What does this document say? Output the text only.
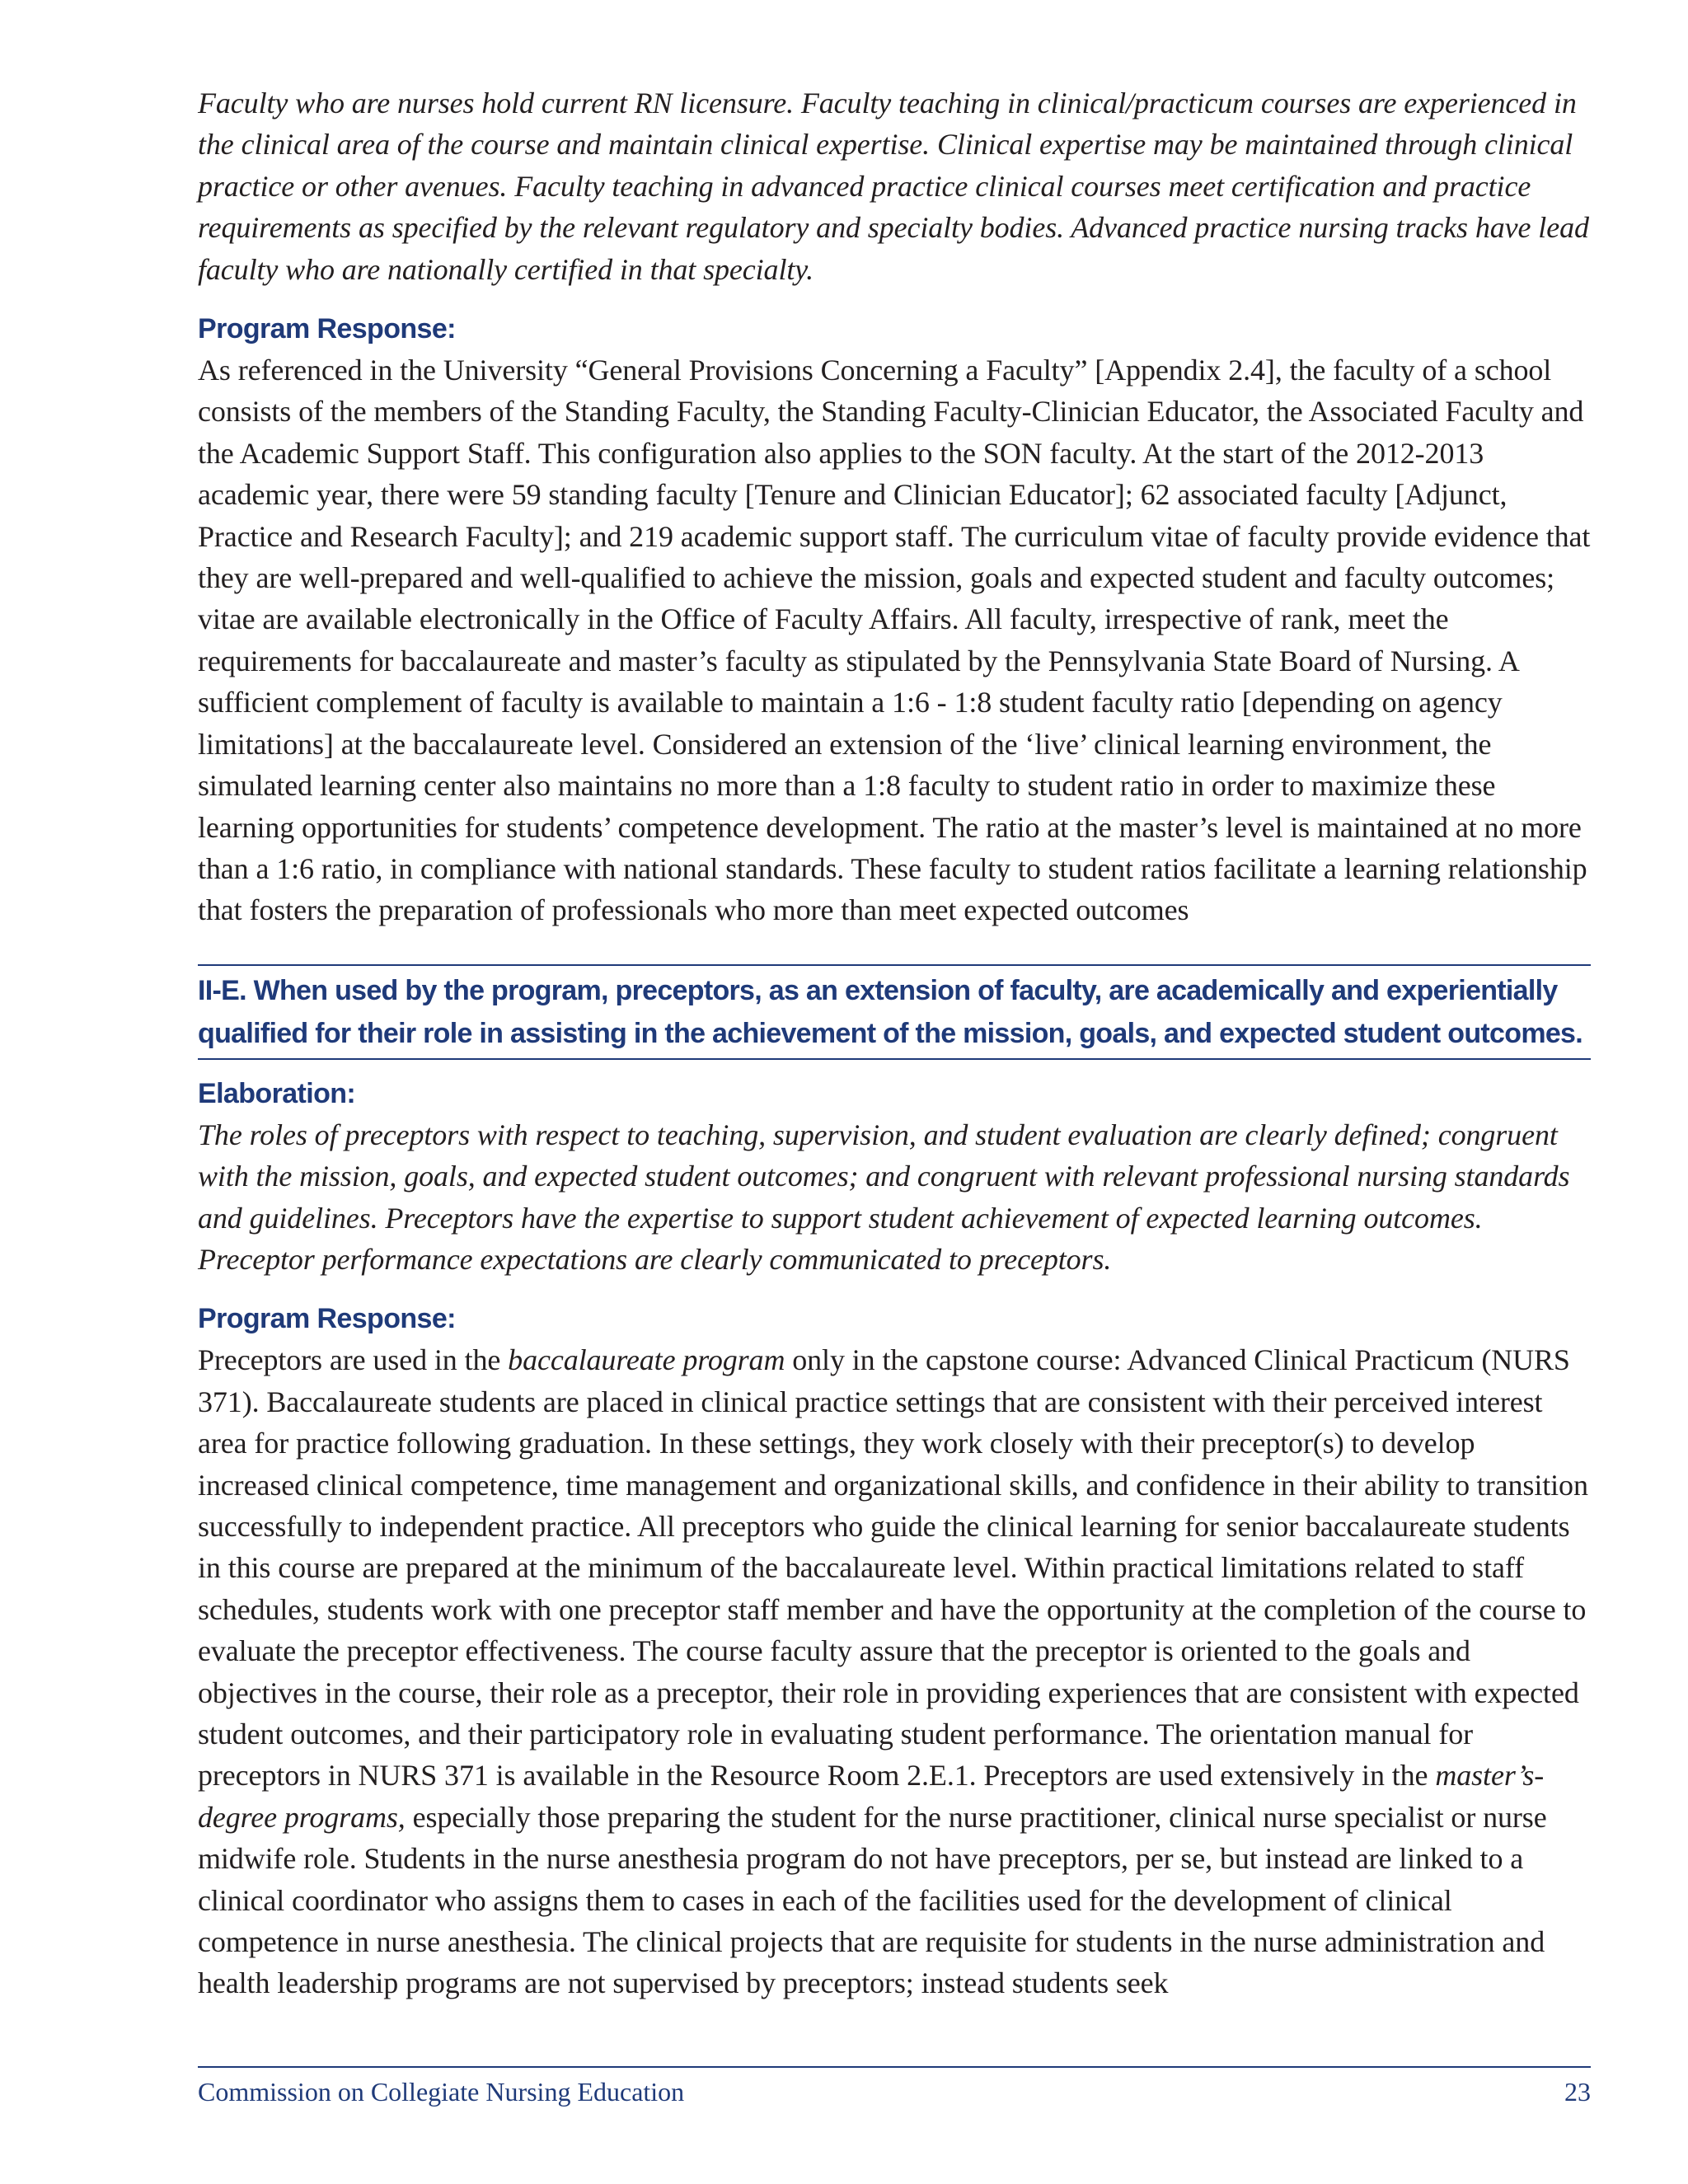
Faculty who are nurses hold current RN licensure. Faculty teaching in clinical/practicum courses are experienced in the clinical area of the course and maintain clinical expertise. Clinical expertise may be maintained through clinical practice or other avenues. Faculty teaching in advanced practice clinical courses meet certification and practice requirements as specified by the relevant regulatory and specialty bodies. Advanced practice nursing tracks have lead faculty who are nationally certified in that specialty.

Program Response:

As referenced in the University “General Provisions Concerning a Faculty” [Appendix 2.4], the faculty of a school consists of the members of the Standing Faculty, the Standing Faculty-Clinician Educator, the Associated Faculty and the Academic Support Staff. This configuration also applies to the SON faculty. At the start of the 2012-2013 academic year, there were 59 standing faculty [Tenure and Clinician Educator]; 62 associated faculty [Adjunct, Practice and Research Faculty]; and 219 academic support staff. The curriculum vitae of faculty provide evidence that they are well-prepared and well-qualified to achieve the mission, goals and expected student and faculty outcomes; vitae are available electronically in the Office of Faculty Affairs. All faculty, irrespective of rank, meet the requirements for baccalaureate and master’s faculty as stipulated by the Pennsylvania State Board of Nursing. A sufficient complement of faculty is available to maintain a 1:6 - 1:8 student faculty ratio [depending on agency limitations] at the baccalaureate level. Considered an extension of the ‘live’ clinical learning environment, the simulated learning center also maintains no more than a 1:8 faculty to student ratio in order to maximize these learning opportunities for students’ competence development. The ratio at the master’s level is maintained at no more than a 1:6 ratio, in compliance with national standards. These faculty to student ratios facilitate a learning relationship that fosters the preparation of professionals who more than meet expected outcomes

II-E. When used by the program, preceptors, as an extension of faculty, are academically and experientially qualified for their role in assisting in the achievement of the mission, goals, and expected student outcomes.

Elaboration:

The roles of preceptors with respect to teaching, supervision, and student evaluation are clearly defined; congruent with the mission, goals, and expected student outcomes; and congruent with relevant professional nursing standards and guidelines. Preceptors have the expertise to support student achievement of expected learning outcomes. Preceptor performance expectations are clearly communicated to preceptors.

Program Response:

Preceptors are used in the baccalaureate program only in the capstone course: Advanced Clinical Practicum (NURS 371). Baccalaureate students are placed in clinical practice settings that are consistent with their perceived interest area for practice following graduation. In these settings, they work closely with their preceptor(s) to develop increased clinical competence, time management and organizational skills, and confidence in their ability to transition successfully to independent practice. All preceptors who guide the clinical learning for senior baccalaureate students in this course are prepared at the minimum of the baccalaureate level. Within practical limitations related to staff schedules, students work with one preceptor staff member and have the opportunity at the completion of the course to evaluate the preceptor effectiveness. The course faculty assure that the preceptor is oriented to the goals and objectives in the course, their role as a preceptor, their role in providing experiences that are consistent with expected student outcomes, and their participatory role in evaluating student performance. The orientation manual for preceptors in NURS 371 is available in the Resource Room 2.E.1. Preceptors are used extensively in the master’s-degree programs, especially those preparing the student for the nurse practitioner, clinical nurse specialist or nurse midwife role. Students in the nurse anesthesia program do not have preceptors, per se, but instead are linked to a clinical coordinator who assigns them to cases in each of the facilities used for the development of clinical competence in nurse anesthesia. The clinical projects that are requisite for students in the nurse administration and health leadership programs are not supervised by preceptors; instead students seek

Commission on Collegiate Nursing Education	23
